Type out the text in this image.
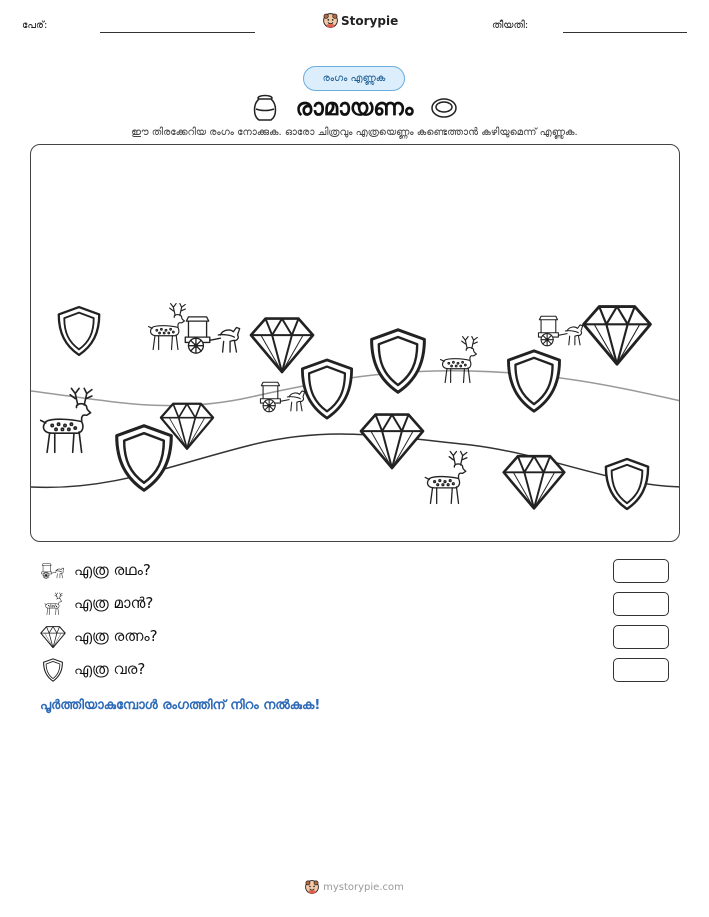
പേര്:	Storypie	തീയതി:
രംഗം എണ്ണുക
രാമായണം
ഈ തിരക്കേറിയ രംഗം നോക്കുക. ഓരോ ചിത്രവും എത്രയെണ്ണം കണ്ടെത്താൻ കഴിയുമെന്ന് എണ്ണുക.
എത്ര രഥം?
എത്ര മാൻ?
എത്ര രത്നം?
എത്ര വര?
പൂർത്തിയാകുമ്പോൾ രംഗത്തിന് നിറം നൽകുക!
mystorypie.com
